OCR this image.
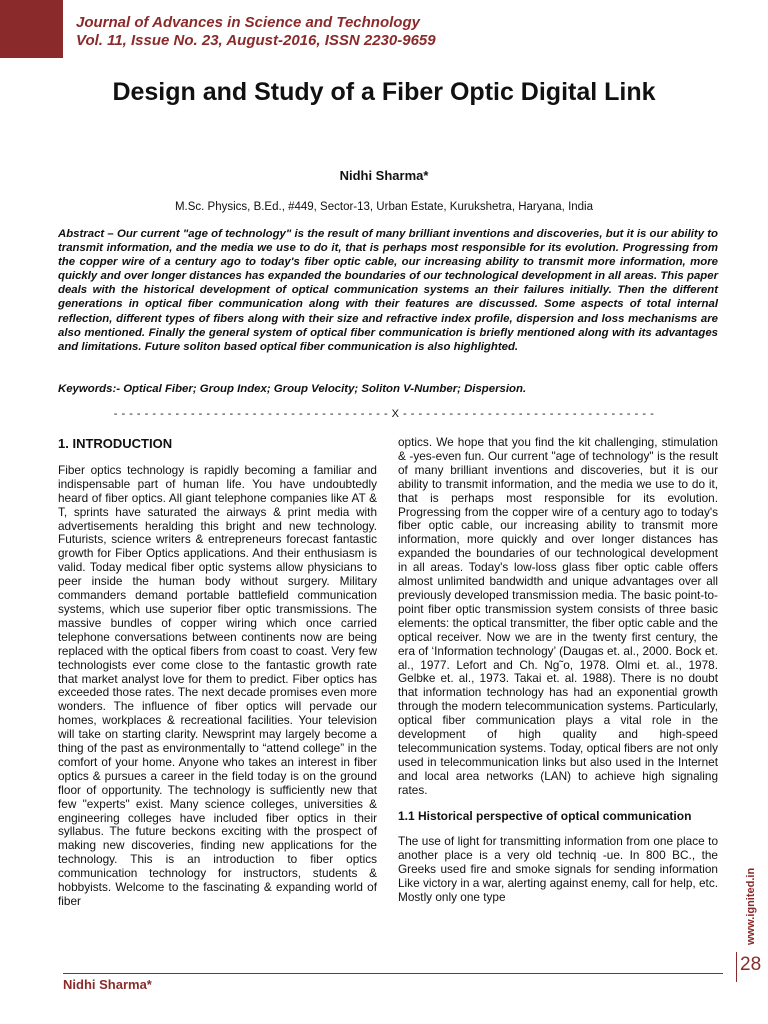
Journal of Advances in Science and Technology
Vol. 11, Issue No. 23, August-2016, ISSN 2230-9659
Design and Study of a Fiber Optic Digital Link
Nidhi Sharma*
M.Sc. Physics, B.Ed., #449, Sector-13, Urban Estate, Kurukshetra, Haryana, India
Abstract – Our current "age of technology" is the result of many brilliant inventions and discoveries, but it is our ability to transmit information, and the media we use to do it, that is perhaps most responsible for its evolution. Progressing from the copper wire of a century ago to today's fiber optic cable, our increasing ability to transmit more information, more quickly and over longer distances has expanded the boundaries of our technological development in all areas. This paper deals with the historical development of optical communication systems an their failures initially. Then the different generations in optical fiber communication along with their features are discussed. Some aspects of total internal reflection, different types of fibers along with their size and refractive index profile, dispersion and loss mechanisms are also mentioned. Finally the general system of optical fiber communication is briefly mentioned along with its advantages and limitations. Future soliton based optical fiber communication is also highlighted.
Keywords:- Optical Fiber; Group Index; Group Velocity; Soliton V-Number; Dispersion.
- - - - - - - - - - - - - - - - - - - - - - - - - - - - - - - - - - - - X - - - - - - - - - - - - - - - - - - - - - - - - - - - - - - - - -
1. INTRODUCTION

Fiber optics technology is rapidly becoming a familiar and indispensable part of human life. You have undoubtedly heard of fiber optics. All giant telephone companies like AT & T, sprints have saturated the airways & print media with advertisements heralding this bright and new technology. Futurists, science writers & entrepreneurs forecast fantastic growth for Fiber Optics applications. And their enthusiasm is valid. Today medical fiber optic systems allow physicians to peer inside the human body without surgery. Military commanders demand portable battlefield communication systems, which use superior fiber optic transmissions. The massive bundles of copper wiring which once carried telephone conversations between continents now are being replaced with the optical fibers from coast to coast. Very few technologists ever come close to the fantastic growth rate that market analyst love for them to predict. Fiber optics has exceeded those rates. The next decade promises even more wonders. The influence of fiber optics will pervade our homes, workplaces & recreational facilities. Your television will take on starting clarity. Newsprint may largely become a thing of the past as environmentally to “attend college” in the comfort of your home. Anyone who takes an interest in fiber optics & pursues a career in the field today is on the ground floor of opportunity. The technology is sufficiently new that few "experts" exist. Many science colleges, universities & engineering colleges have included fiber optics in their syllabus. The future beckons exciting with the prospect of making new discoveries, finding new applications for the technology. This is an introduction to fiber optics communication technology for instructors, students & hobbyists. Welcome to the fascinating & expanding world of fiber

optics. We hope that you find the kit challenging, stimulation & -yes-even fun. Our current "age of technology" is the result of many brilliant inventions and discoveries, but it is our ability to transmit information, and the media we use to do it, that is perhaps most responsible for its evolution. Progressing from the copper wire of a century ago to today's fiber optic cable, our increasing ability to transmit more information, more quickly and over longer distances has expanded the boundaries of our technological development in all areas. Today's low-loss glass fiber optic cable offers almost unlimited bandwidth and unique advantages over all previously developed transmission media. The basic point-to-point fiber optic transmission system consists of three basic elements: the optical transmitter, the fiber optic cable and the optical receiver. Now we are in the twenty first century, the era of ‘Information technology’ (Daugas et. al., 2000. Bock et. al., 1977. Lefort and Ch. Ng˜o, 1978. Olmi et. al., 1978. Gelbke et. al., 1973. Takai et. al. 1988). There is no doubt that information technology has had an exponential growth through the modern telecommunication systems. Particularly, optical fiber communication plays a vital role in the development of high quality and high-speed telecommunication systems. Today, optical fibers are not only used in telecommunication links but also used in the Internet and local area networks (LAN) to achieve high signaling rates.

1.1 Historical perspective of optical communication

The use of light for transmitting information from one place to another place is a very old techniq -ue. In 800 BC., the Greeks used fire and smoke signals for sending information Like victory in a war, alerting against enemy, call for help, etc. Mostly only one type	www.ignited.in
Nidhi Sharma*
28
